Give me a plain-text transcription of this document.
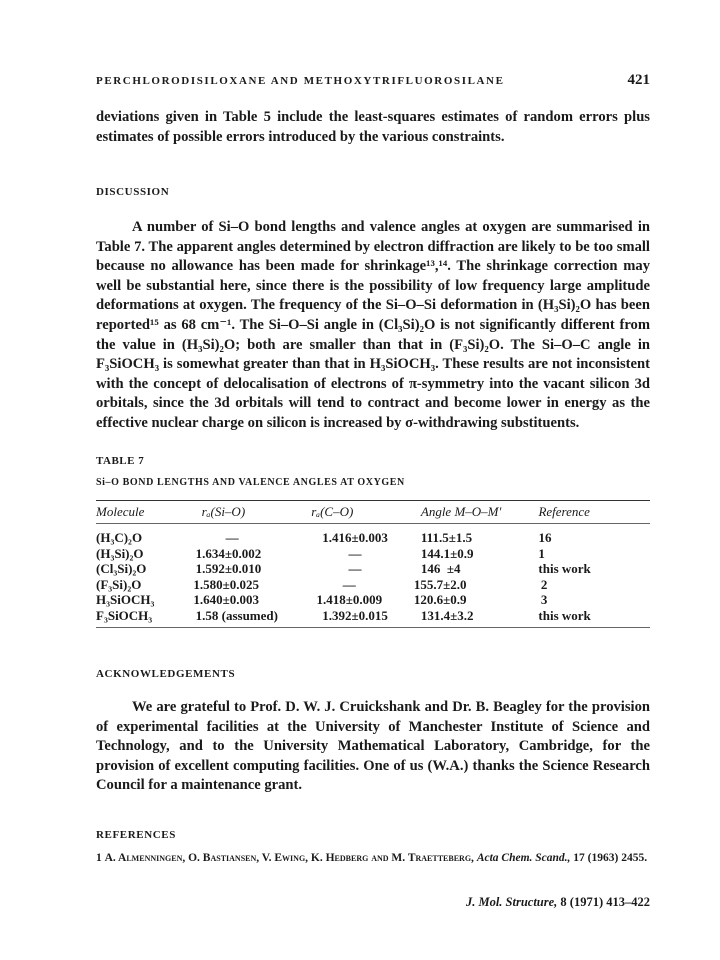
PERCHLORODISILOXANE AND METHOXYTRIFLUOROSILANE	421
deviations given in Table 5 include the least-squares estimates of random errors plus estimates of possible errors introduced by the various constraints.
DISCUSSION
A number of Si–O bond lengths and valence angles at oxygen are summarised in Table 7. The apparent angles determined by electron diffraction are likely to be too small because no allowance has been made for shrinkage¹³,¹⁴. The shrinkage correction may well be substantial here, since there is the possibility of low frequency large amplitude deformations at oxygen. The frequency of the Si–O–Si deformation in (H₃Si)₂O has been reported¹⁵ as 68 cm⁻¹. The Si–O–Si angle in (Cl₃Si)₂O is not significantly different from the value in (H₃Si)₂O; both are smaller than that in (F₃Si)₂O. The Si–O–C angle in F₃SiOCH₃ is somewhat greater than that in H₃SiOCH₃. These results are not inconsistent with the concept of delocalisation of electrons of π-symmetry into the vacant silicon 3d orbitals, since the 3d orbitals will tend to contract and become lower in energy as the effective nuclear charge on silicon is increased by σ-withdrawing substituents.
TABLE 7
Si–O BOND LENGTHS AND VALENCE ANGLES AT OXYGEN
Molecule	rₐ(Si–O)	rₐ(C–O)	Angle M–O–M′	Reference
(H₃C)₂O	—	1.416±0.003	111.5±1.5	16
(H₃Si)₂O	1.634±0.002	—	144.1±0.9	1
(Cl₃Si)₂O	1.592±0.010	—	146  ±4	this work
(F₃Si)₂O	1.580±0.025	—	155.7±2.0	2
H₃SiOCH₃	1.640±0.003	1.418±0.009	120.6±0.9	3
F₃SiOCH₃	1.58 (assumed)	1.392±0.015	131.4±3.2	this work
ACKNOWLEDGEMENTS
We are grateful to Prof. D. W. J. Cruickshank and Dr. B. Beagley for the provision of experimental facilities at the University of Manchester Institute of Science and Technology, and to the University Mathematical Laboratory, Cambridge, for the provision of excellent computing facilities. One of us (W.A.) thanks the Science Research Council for a maintenance grant.
REFERENCES
1 A. Almenningen, O. Bastiansen, V. Ewing, K. Hedberg and M. Traetteberg, Acta Chem. Scand., 17 (1963) 2455.
J. Mol. Structure, 8 (1971) 413–422
